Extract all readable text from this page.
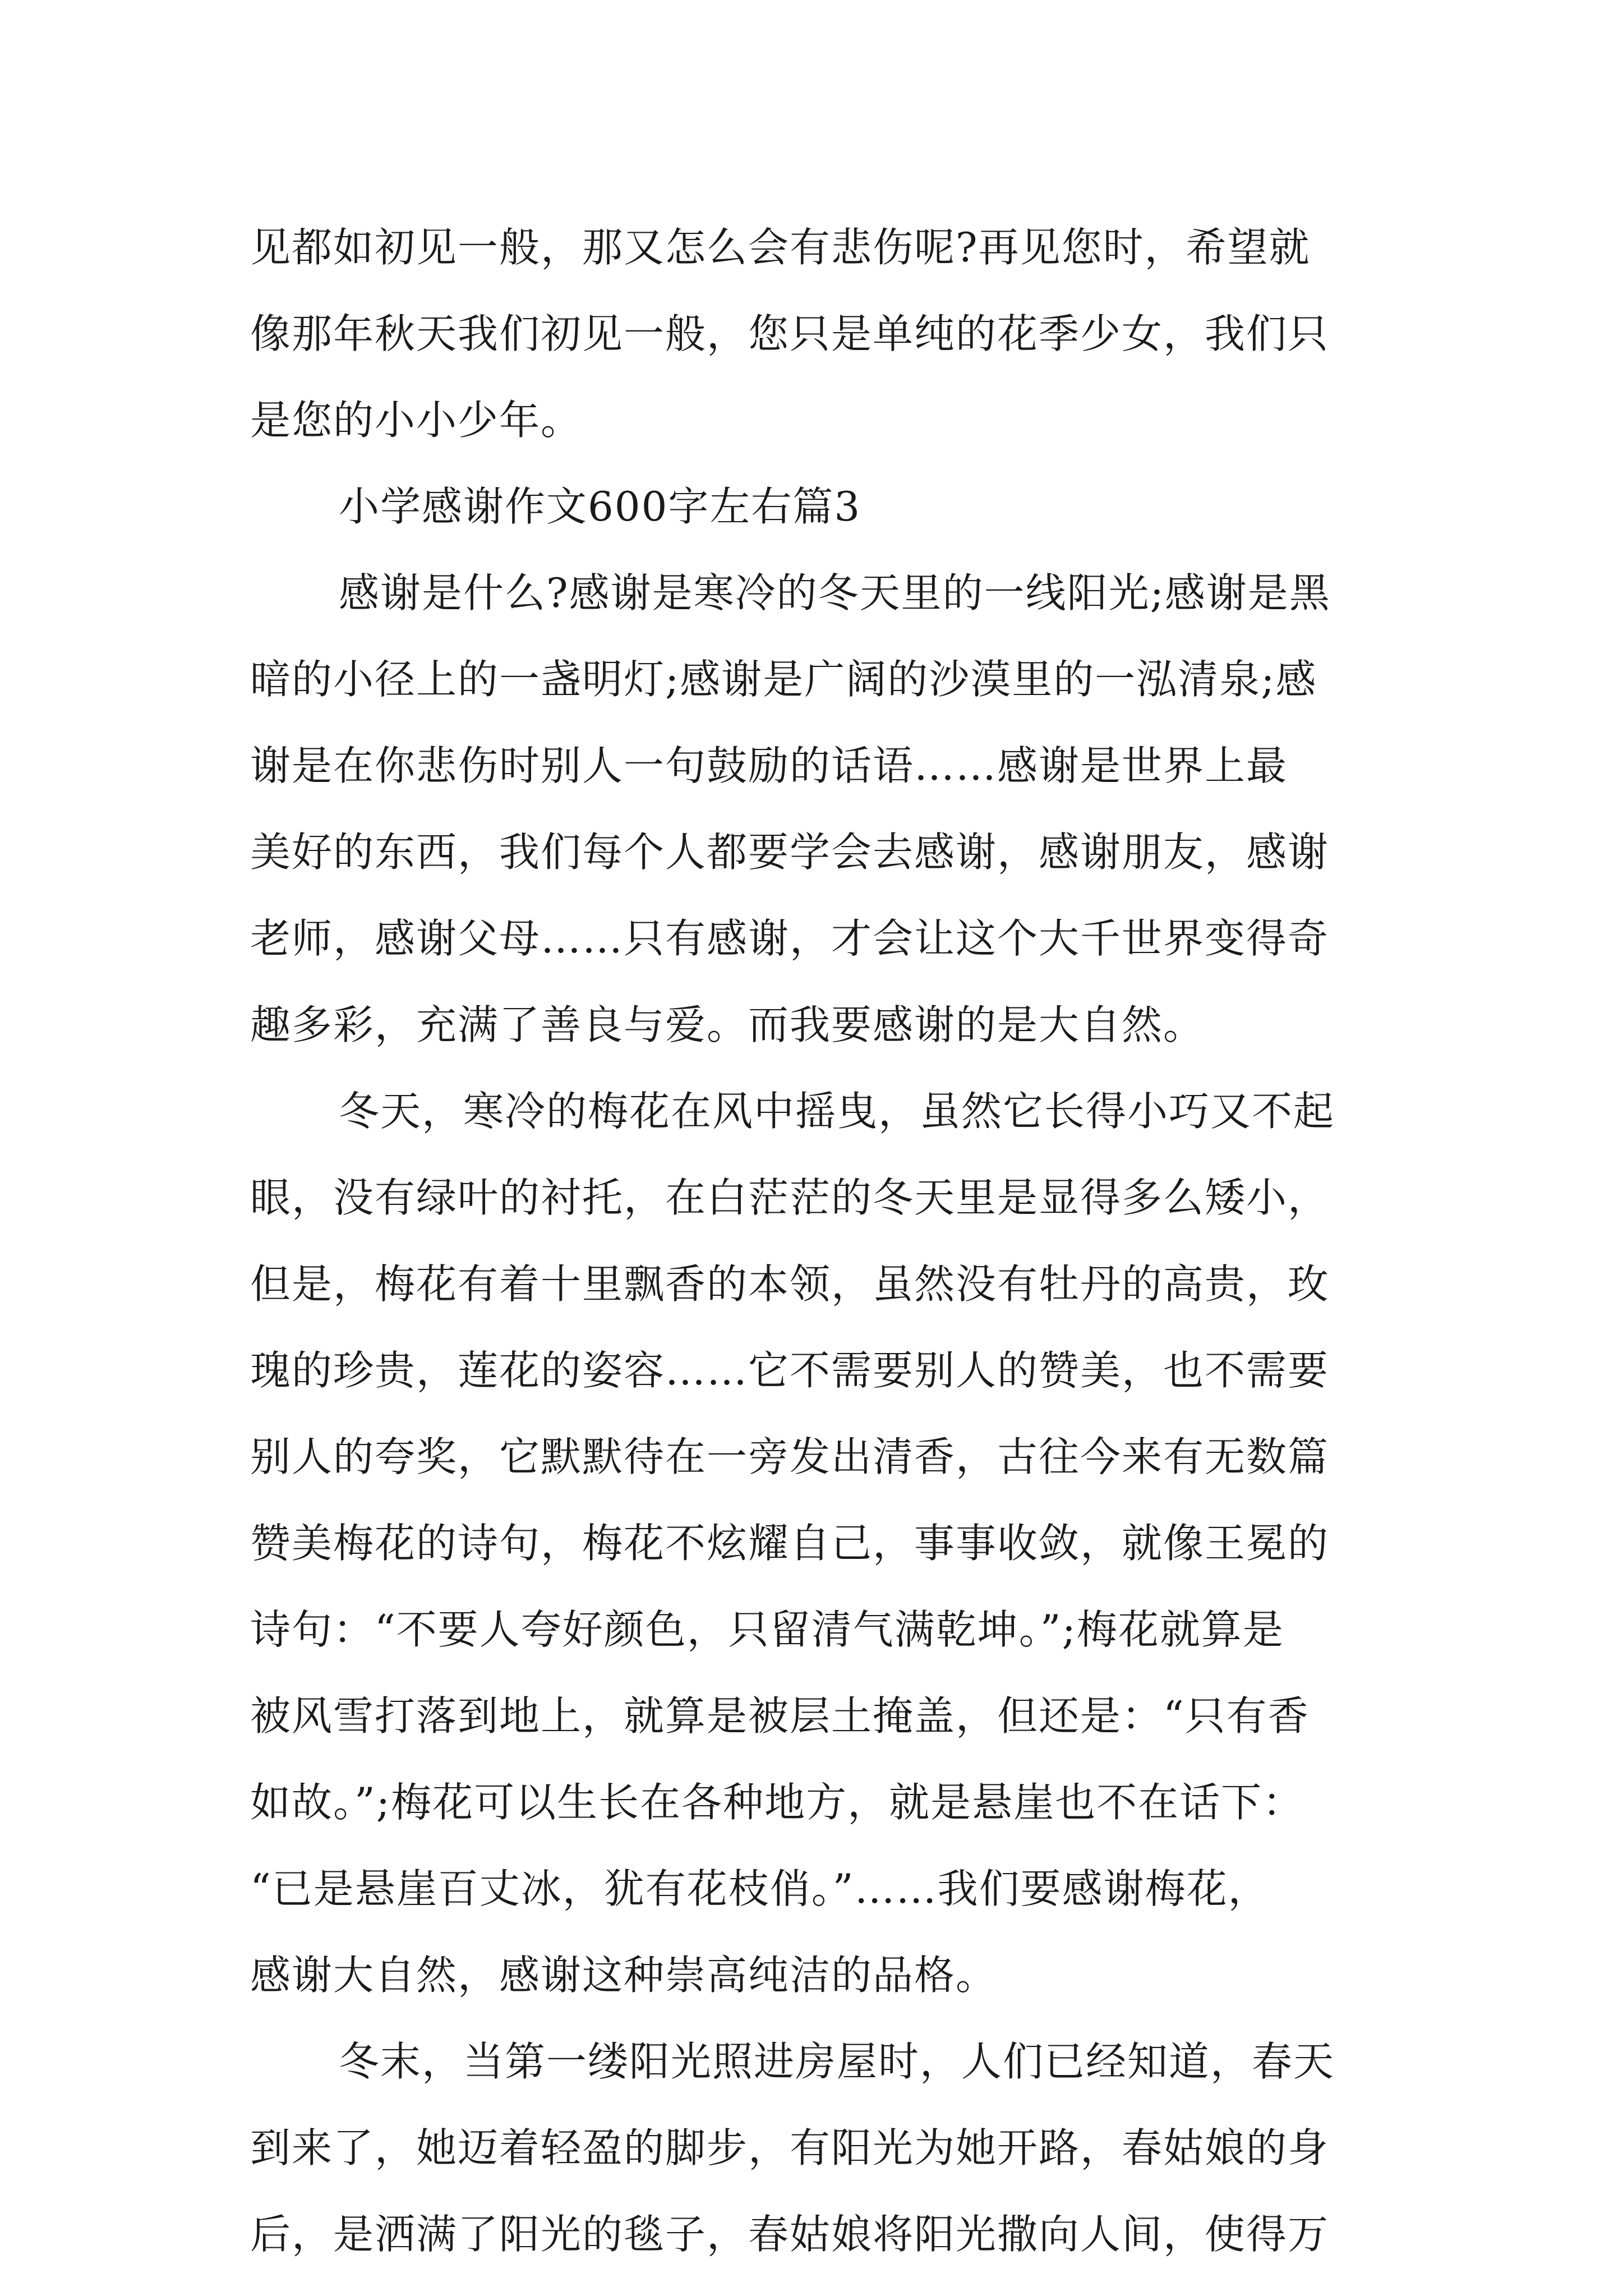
见都如初见一般，那又怎么会有悲伤呢?再见您时，希望就
像那年秋天我们初见一般，您只是单纯的花季少女，我们只
是您的小小少年。
小学感谢作文600字左右篇3
感谢是什么?感谢是寒冷的冬天里的一线阳光;感谢是黑
暗的小径上的一盏明灯;感谢是广阔的沙漠里的一泓清泉;感
谢是在你悲伤时别人一句鼓励的话语……感谢是世界上最
美好的东西，我们每个人都要学会去感谢，感谢朋友，感谢
老师，感谢父母……只有感谢，才会让这个大千世界变得奇
趣多彩，充满了善良与爱。而我要感谢的是大自然。
冬天，寒冷的梅花在风中摇曳，虽然它长得小巧又不起
眼，没有绿叶的衬托，在白茫茫的冬天里是显得多么矮小，
但是，梅花有着十里飘香的本领，虽然没有牡丹的高贵，玫
瑰的珍贵，莲花的姿容……它不需要别人的赞美，也不需要
别人的夸奖，它默默待在一旁发出清香，古往今来有无数篇
赞美梅花的诗句，梅花不炫耀自己，事事收敛，就像王冕的
诗句：“不要人夸好颜色，只留清气满乾坤。”;梅花就算是
被风雪打落到地上，就算是被层土掩盖，但还是：“只有香
如故。”;梅花可以生长在各种地方，就是悬崖也不在话下：
“已是悬崖百丈冰，犹有花枝俏。”……我们要感谢梅花，
感谢大自然，感谢这种崇高纯洁的品格。
冬末，当第一缕阳光照进房屋时，人们已经知道，春天
到来了，她迈着轻盈的脚步，有阳光为她开路，春姑娘的身
后，是洒满了阳光的毯子，春姑娘将阳光撒向人间，使得万
